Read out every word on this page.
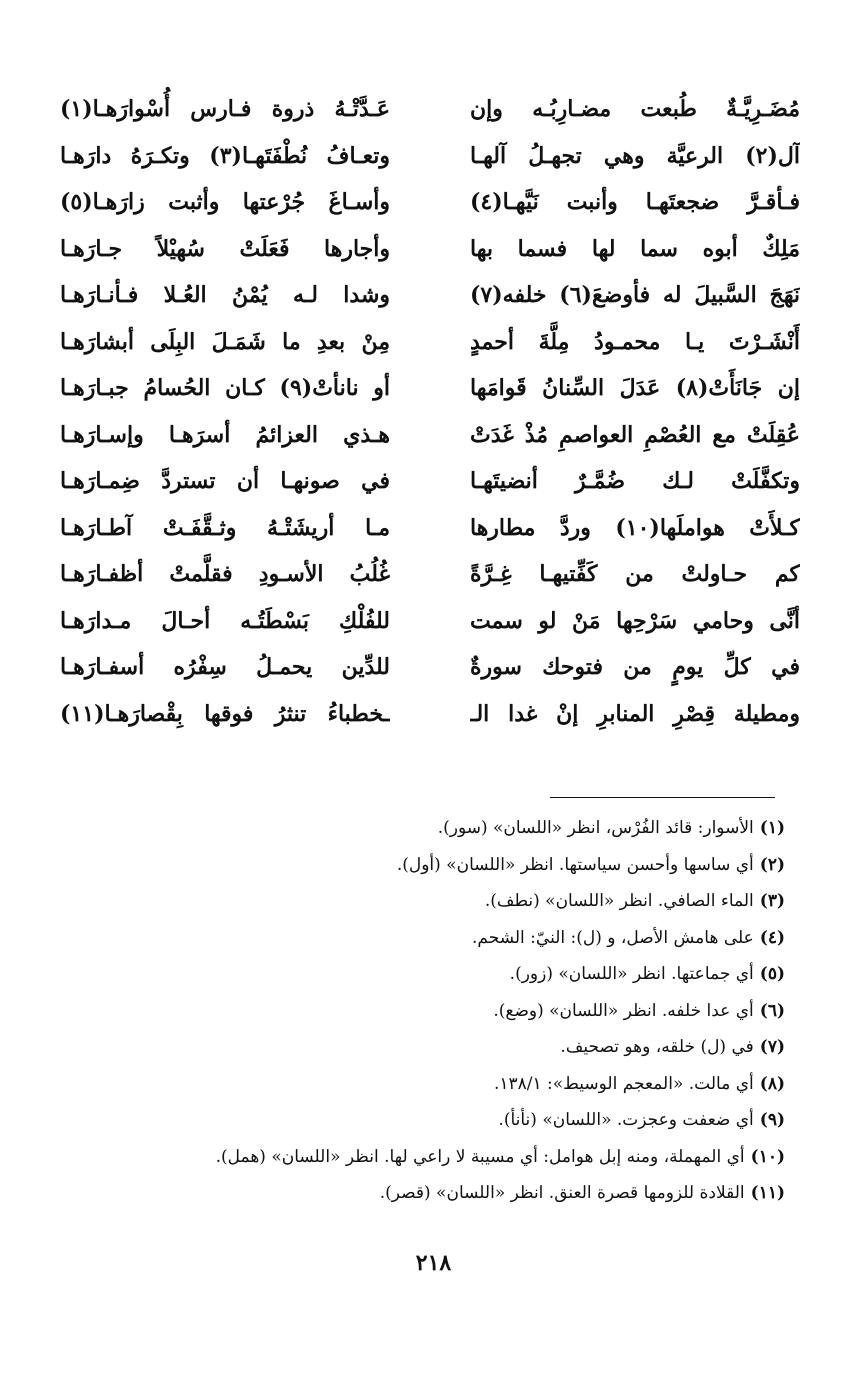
مُضَـرِيَّـةٌ طُبعت مضـارِبُـه وإن
آل(٢) الرعيَّة وهي تجهـلُ آلهـا
فـأقـرَّ ضجعتَهـا وأنبت نَيَّهـا(٤)
مَلِكٌ أبوه سما لها فسما بها
نَهَجَ السَّبيلَ له فأوضعَ(٦) خلفه(٧)
أَنْشَـرْتَ يـا محمـودُ مِلَّةَ أحمدٍ
إن جَانَأَتْ(٨) عَدَلَ السِّنانُ قَوامَها
عُقِلَتْ مع العُصْمِ العواصمِ مُذْ غَدَتْ
وتكفَّلَتْ لـك ضُمَّـرٌ أنضيتَهـا
كـلأَتْ هواملَها(١٠) وردَّ مطارها
كم حـاولتْ من كَفِّتيهـا غِـرَّةً
أنَّى وحامي سَرْحِها مَنْ لو سمت
في كلِّ يومٍ من فتوحك سورةٌ
ومطيلة قِصْرِ المنابرِ إنْ غدا الـ
عَـدَّتْـهُ ذروة فـارس أُسْوارَهـا(١)
وتعـافُ نُطْفَتَهـا(٣) وتكـرَهُ دارَهـا
وأسـاغَ جُرْعتها وأثبت زارَهـا(٥)
وأجارها فَعَلَتْ سُهيْلاً جـارَهـا
وشدا لـه يُمْنُ العُـلا فـأنـارَهـا
مِنْ بعدِ ما شَمَـلَ البِلَى أبشارَهـا
أو نانأتْ(٩) كـان الحُسامُ جبـارَهـا
هـذي العزائمُ أسرَهـا وإسـارَهـا
في صونهـا أن تستردَّ ضِمـارَهـا
مـا أريشَتْـهُ وثـقَّفَـتْ آطـارَهـا
غُلُبُ الأسـودِ فقلَّمتْ أظفـارَهـا
للفُلْكِ بَسْطَتُـه أحـالَ مـدارَهـا
للدِّين يحمـلُ سِفْرُه أسفـارَهـا
ـخطباءُ تنثرُ فوقها بِقْصارَهـا(١١)
(١)الأسوار: قائد الفُرْس، انظر «اللسان» (سور).
(٢)أي ساسها وأحسن سياستها. انظر «اللسان» (أول).
(٣)الماء الصافي. انظر «اللسان» (نطف).
(٤)على هامش الأصل، و (ل): النيّ: الشحم.
(٥)أي جماعتها. انظر «اللسان» (زور).
(٦)أي عدا خلفه. انظر «اللسان» (وضع).
(٧)في (ل) خلقه، وهو تصحيف.
(٨)أي مالت. «المعجم الوسيط»: ١٣٨/١.
(٩)أي ضعفت وعجزت. «اللسان» (نأنأ).
(١٠)أي المهملة، ومنه إبل هوامل: أي مسيبة لا راعي لها. انظر «اللسان» (همل).
(١١)القلادة للزومها قصرة العنق. انظر «اللسان» (قصر).
٢١٨
